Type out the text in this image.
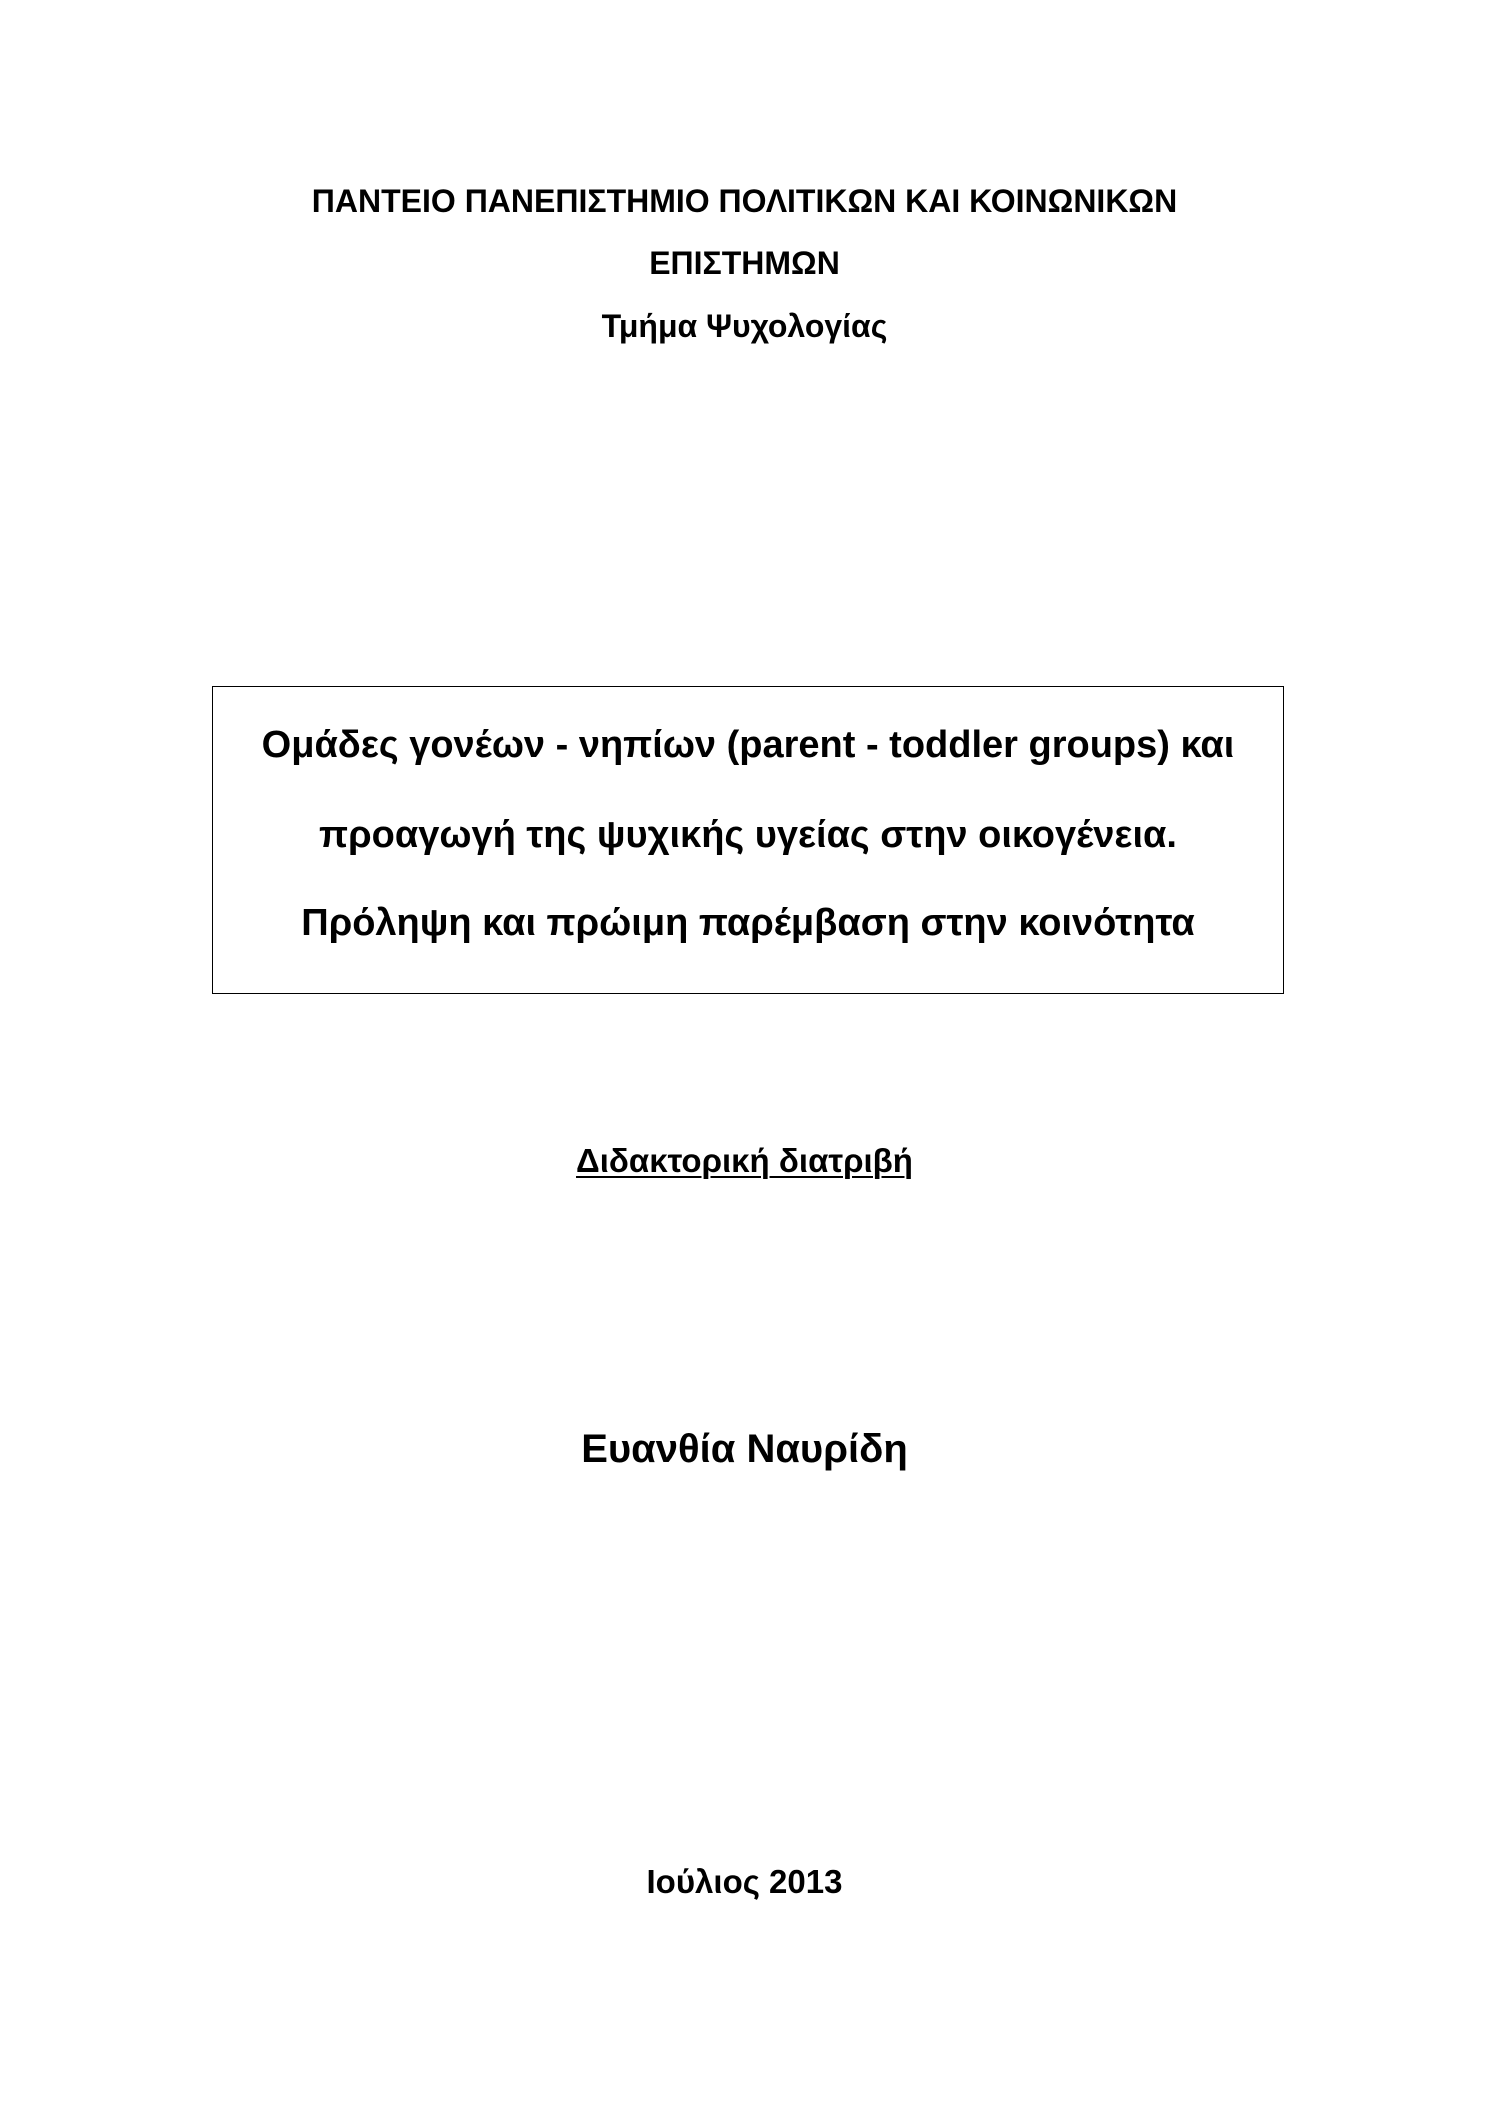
ΠΑΝΤΕΙΟ ΠΑΝΕΠΙΣΤΗΜΙΟ ΠΟΛΙΤΙΚΩΝ ΚΑΙ ΚΟΙΝΩΝΙΚΩΝ
ΕΠΙΣΤΗΜΩΝ
Τμήμα Ψυχολογίας
Ομάδες γονέων - νηπίων (parent - toddler groups) και
προαγωγή της ψυχικής υγείας στην οικογένεια.
Πρόληψη και πρώιμη παρέμβαση στην κοινότητα
Διδακτορική διατριβή
Ευανθία Ναυρίδη
Ιούλιος 2013
